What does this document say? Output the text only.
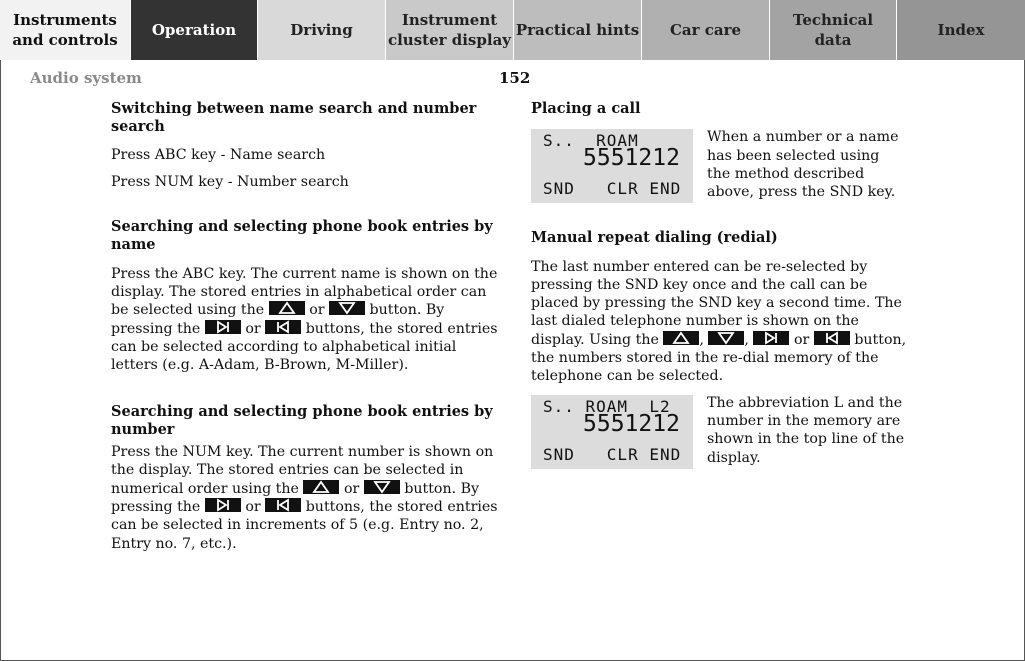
Instruments
and controls
Operation	Driving
Instrument
cluster display
Practical hints Car care
Technical
data
Index
Audio system	152
Switching between name search and number search

Press ABC key - Name search

Press NUM key - Number search

Searching and selecting phone book entries by name

Press the ABC key. The current name is shown on the display. The stored entries in alphabetical order can be selected using the	or	button. By pressing the	or	buttons, the stored entries can be selected according to alphabetical initial letters (e.g. A-Adam, B-Brown, M-Miller).

Searching and selecting phone book entries by number

Press the NUM key. The current number is shown on the display. The stored entries can be selected in numerical order using the	or	button. By pressing the	or	buttons, the stored entries can be selected in increments of 5 (e.g. Entry no. 2, Entry no. 7, etc.).

Placing a call
S..  ROAM
5551212
SND   CLR END

When a number or a name has been selected using the method described above, press the SND key.

Manual repeat dialing (redial)

The last number entered can be re-selected by pressing the SND key once and the call can be placed by pressing the SND key a second time. The last dialed telephone number is shown on the display. Using the	,	,	or	button, the numbers stored in the re-dial memory of the telephone can be selected.

S.. ROAM  L2
5551212
SND   CLR END

The abbreviation L and the number in the memory are shown in the top line of the display.
